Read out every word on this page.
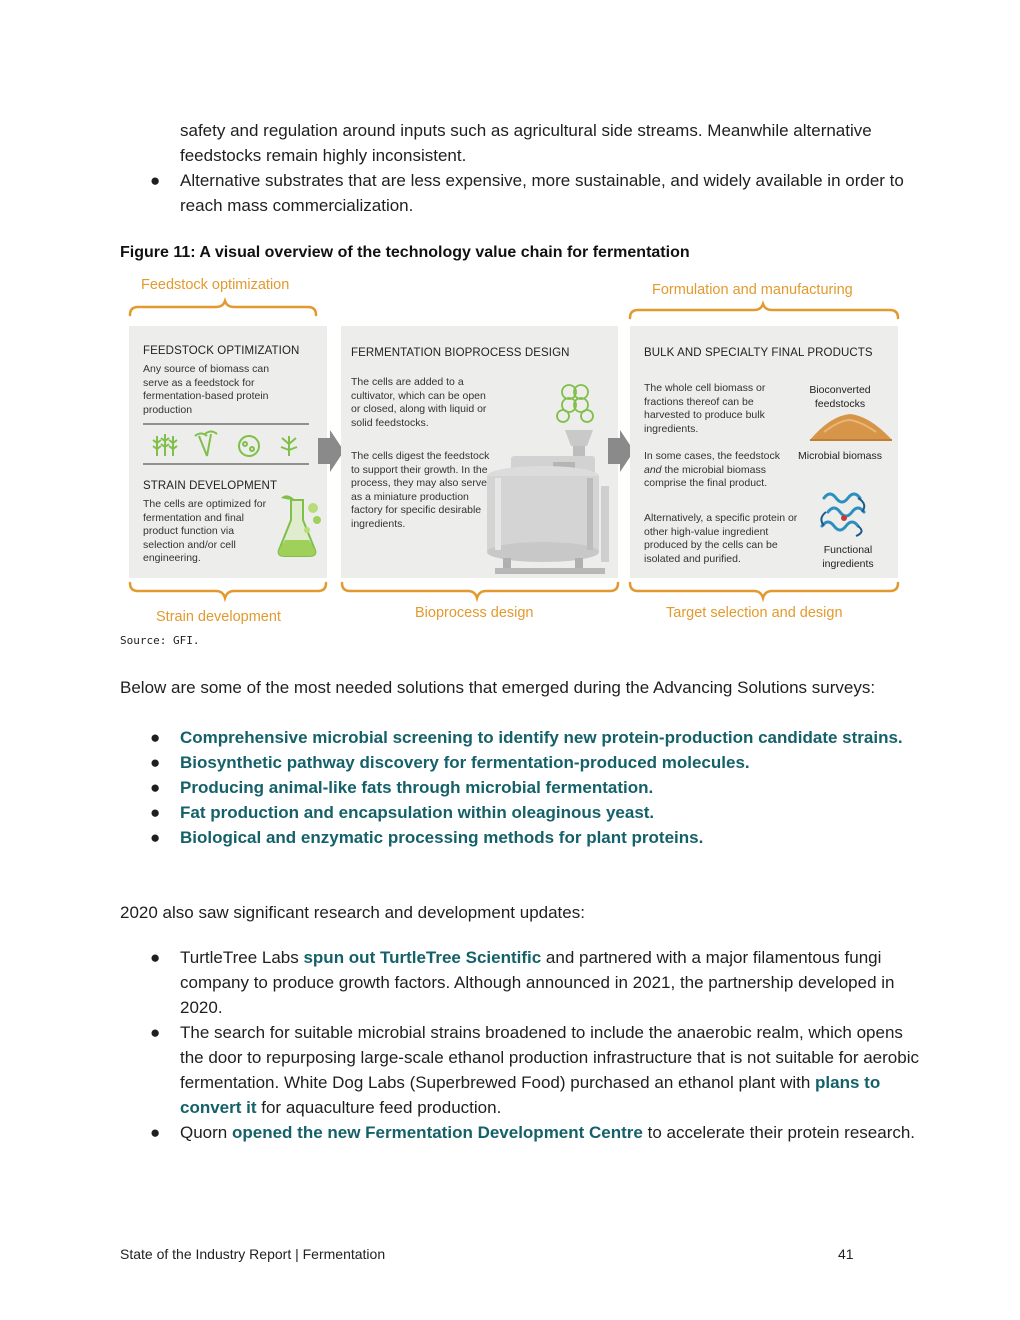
safety and regulation around inputs such as agricultural side streams. Meanwhile alternative feedstocks remain highly inconsistent.
● Alternative substrates that are less expensive, more sustainable, and widely available in order to reach mass commercialization.
Figure 11: A visual overview of the technology value chain for fermentation
Feedstock optimization	Formulation and manufacturing
Strain development	Bioprocess design	Target selection and design
FEEDSTOCK OPTIMIZATION
Any source of biomass can serve as a feedstock for fermentation-based protein production
STRAIN DEVELOPMENT
The cells are optimized for fermentation and final product function via selection and/or cell engineering.
FERMENTATION BIOPROCESS DESIGN
The cells are added to a cultivator, which can be open or closed, along with liquid or solid feedstocks.
The cells digest the feedstock to support their growth. In the process, they may also serve as a miniature production factory for specific desirable ingredients.
BULK AND SPECIALTY FINAL PRODUCTS
The whole cell biomass or fractions thereof can be harvested to produce bulk ingredients.
In some cases, the feedstock and the microbial biomass comprise the final product.
Alternatively, a specific protein or other high-value ingredient produced by the cells can be isolated and purified.
Bioconverted feedstocks
Microbial biomass
Functional ingredients
Source: GFI.
Below are some of the most needed solutions that emerged during the Advancing Solutions surveys:
● Comprehensive microbial screening to identify new protein-production candidate strains.
● Biosynthetic pathway discovery for fermentation-produced molecules.
● Producing animal-like fats through microbial fermentation.
● Fat production and encapsulation within oleaginous yeast.
● Biological and enzymatic processing methods for plant proteins.
2020 also saw significant research and development updates:
● TurtleTree Labs spun out TurtleTree Scientific and partnered with a major filamentous fungi company to produce growth factors. Although announced in 2021, the partnership developed in 2020.
● The search for suitable microbial strains broadened to include the anaerobic realm, which opens the door to repurposing large-scale ethanol production infrastructure that is not suitable for aerobic fermentation. White Dog Labs (Superbrewed Food) purchased an ethanol plant with plans to convert it for aquaculture feed production.
● Quorn opened the new Fermentation Development Centre to accelerate their protein research.
State of the Industry Report | Fermentation	41
